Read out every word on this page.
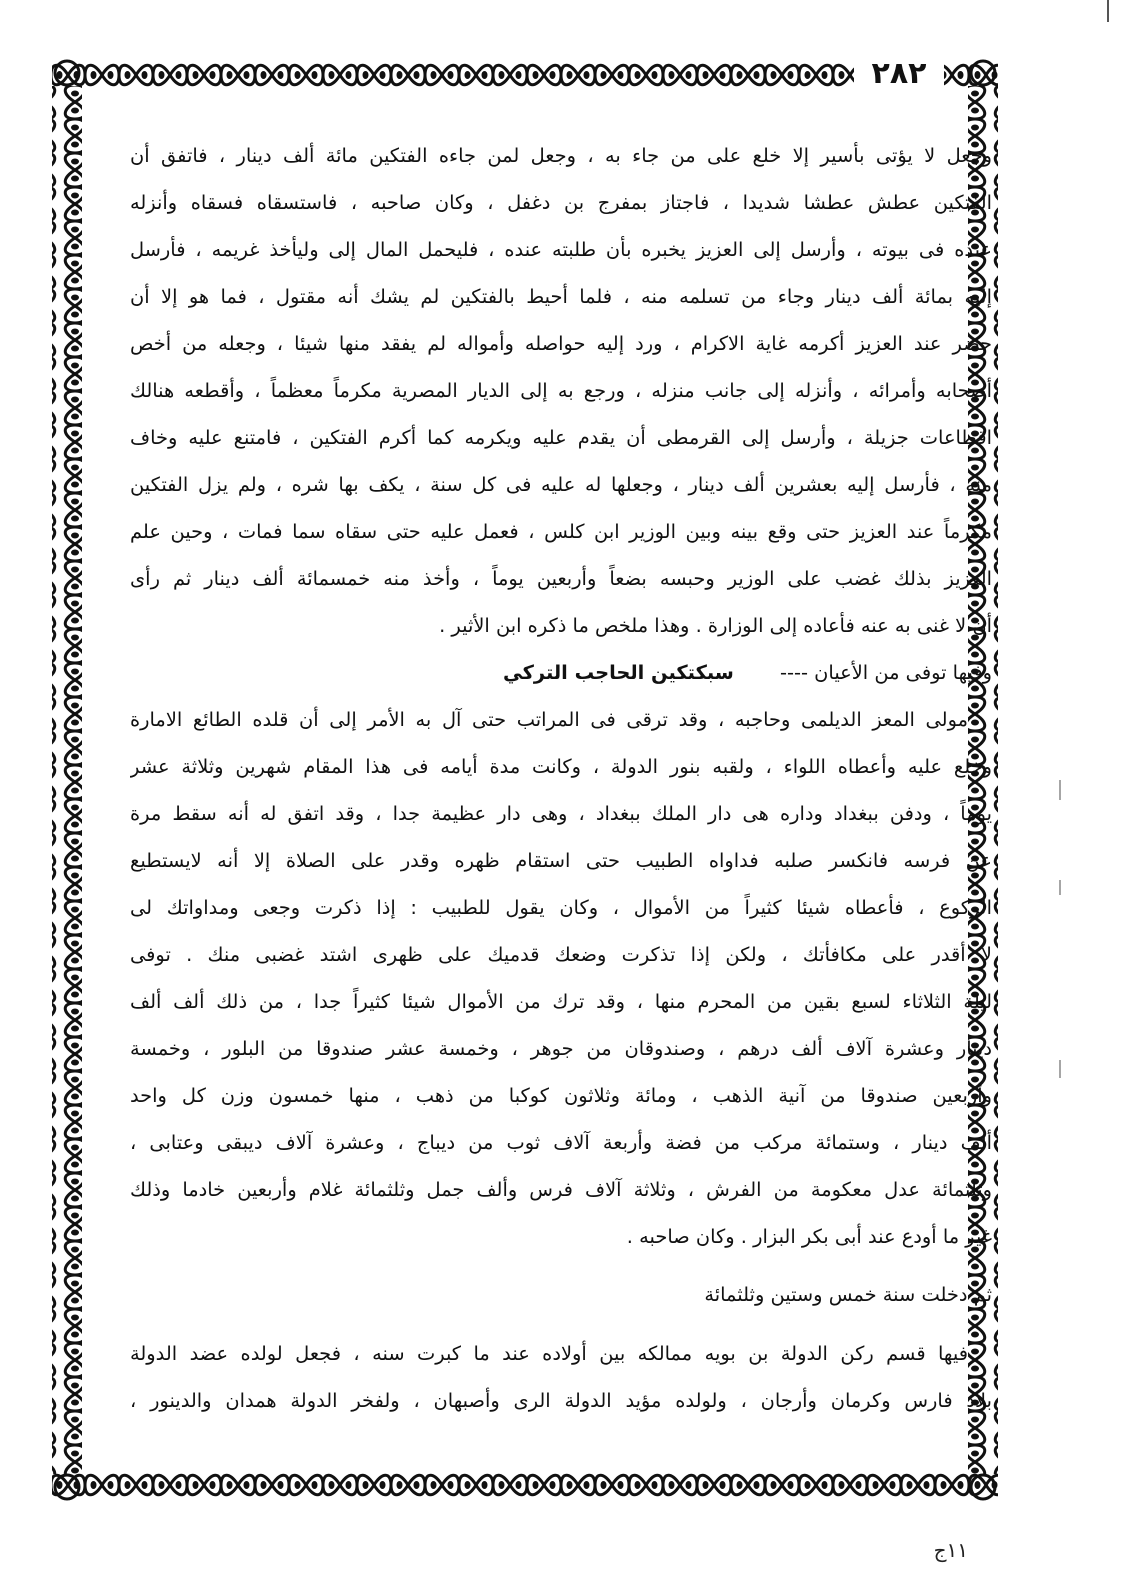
٢٨٢

وجعل لا يؤتى بأسير إلا خلع على من جاء به ، وجعل لمن جاءه الفتكين مائة ألف دينار ، فاتفق أن
الفتكين عطش عطشا شديدا ، فاجتاز بمفرج بن دغفل ، وكان صاحبه ، فاستسقاه فسقاه وأنزله
عنده فى بيوته ، وأرسل إلى العزيز يخبره بأن طلبته عنده ، فليحمل المال إلى وليأخذ غريمه ، فأرسل
إليه بمائة ألف دينار وجاء من تسلمه منه ، فلما أحيط بالفتكين لم يشك أنه مقتول ، فما هو إلا أن
حضر عند العزيز أكرمه غاية الاكرام ، ورد إليه حواصله وأمواله لم يفقد منها شيئا ، وجعله من أخص
أصحابه وأمرائه ، وأنزله إلى جانب منزله ، ورجع به إلى الديار المصرية مكرماً معظماً ، وأقطعه هنالك
اقطاعات جزيلة ، وأرسل إلى القرمطى أن يقدم عليه ويكرمه كما أكرم الفتكين ، فامتنع عليه وخاف
منه ، فأرسل إليه بعشرين ألف دينار ، وجعلها له عليه فى كل سنة ، يكف بها شره ، ولم يزل الفتكين
مكرماً عند العزيز حتى وقع بينه وبين الوزير ابن كلس ، فعمل عليه حتى سقاه سما فمات ، وحين علم
العزيز بذلك غضب على الوزير وحبسه بضعاً وأربعين يوماً ، وأخذ منه خمسمائة ألف دينار ثم رأى
أن لا غنى به عنه فأعاده إلى الوزارة . وهذا ملخص ما ذكره ابن الأثير .

وفيها توفى من الأعيان ---- سبكتكين الحاجب التركي

مولى المعز الديلمى وحاجبه ، وقد ترقى فى المراتب حتى آل به الأمر إلى أن قلده الطائع الامارة
وخلع عليه وأعطاه اللواء ، ولقبه بنور الدولة ، وكانت مدة أيامه فى هذا المقام شهرين وثلاثة عشر
يوماً ، ودفن ببغداد وداره هى دار الملك ببغداد ، وهى دار عظيمة جدا ، وقد اتفق له أنه سقط مرة
عن فرسه فانكسر صلبه فداواه الطبيب حتى استقام ظهره وقدر على الصلاة إلا أنه لايستطيع
الركوع ، فأعطاه شيئا كثيراً من الأموال ، وكان يقول للطبيب : إذا ذكرت وجعى ومداواتك لى
لا أقدر على مكافأتك ، ولكن إذا تذكرت وضعك قدميك على ظهرى اشتد غضبى منك . توفى
ليلة الثلاثاء لسبع بقين من المحرم منها ، وقد ترك من الأموال شيئا كثيراً جدا ، من ذلك ألف ألف
دينار وعشرة آلاف ألف درهم ، وصندوقان من جوهر ، وخمسة عشر صندوقا من البلور ، وخمسة
وأربعين صندوقا من آنية الذهب ، ومائة وثلاثون كوكبا من ذهب ، منها خمسون وزن كل واحد
ألف دينار ، وستمائة مركب من فضة وأربعة آلاف ثوب من ديباج ، وعشرة آلاف ديبقى وعتابى ،
وثلثمائة عدل معكومة من الفرش ، وثلاثة آلاف فرس وألف جمل وثلثمائة غلام وأربعين خادما وذلك
غير ما أودع عند أبى بكر البزار . وكان صاحبه .

ثم دخلت سنة خمس وستين وثلثمائة

فيها قسم ركن الدولة بن بويه ممالكه بين أولاده عند ما كبرت سنه ، فجعل لولده عضد الدولة
بلاد فارس وكرمان وأرجان ، ولولده مؤيد الدولة الرى وأصبهان ، ولفخر الدولة همدان والدينور ،

١١ج
